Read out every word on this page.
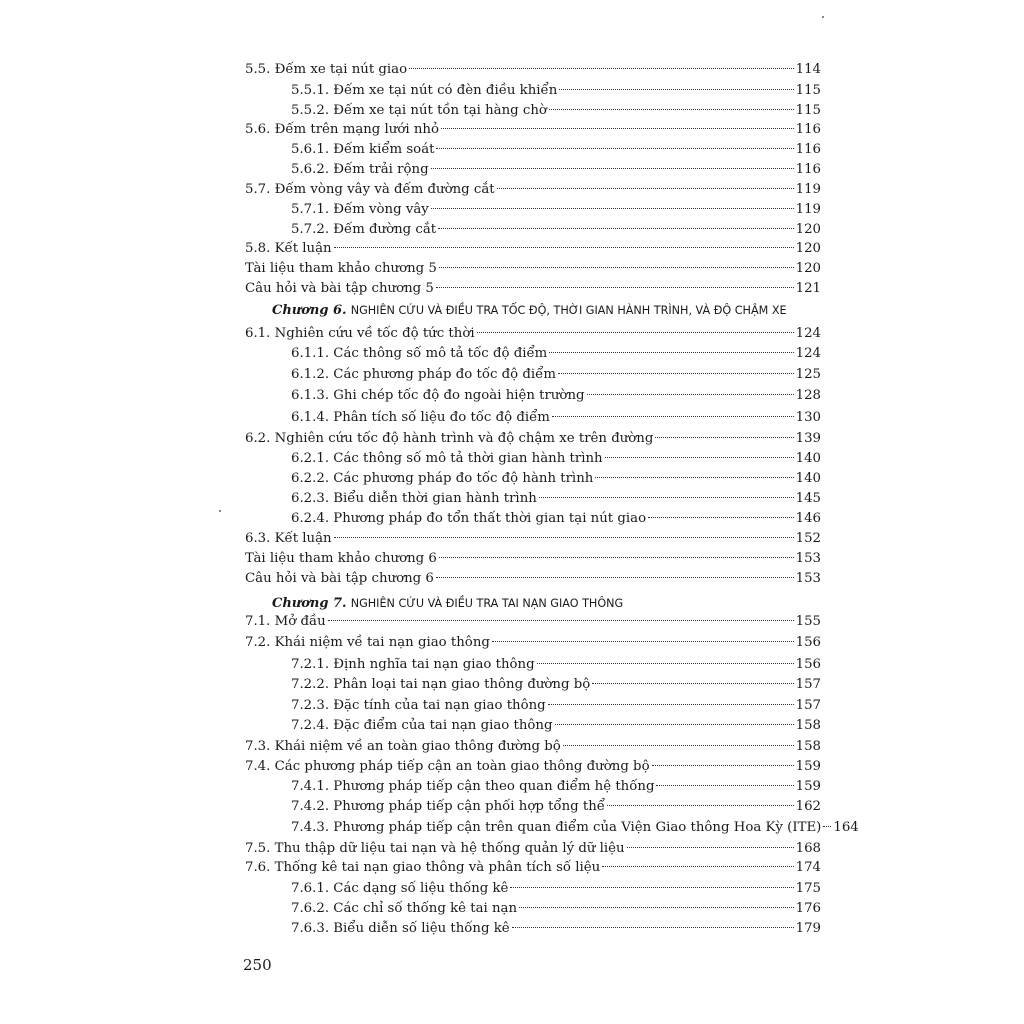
5.5. Đếm xe tại nút giao	114
5.5.1. Đếm xe tại nút có đèn điều khiển	115
5.5.2. Đếm xe tại nút tồn tại hàng chờ	115
5.6. Đếm trên mạng lưới nhỏ	116
5.6.1. Đếm kiểm soát	116
5.6.2. Đếm trải rộng	116
5.7. Đếm vòng vây và đếm đường cắt	119
5.7.1. Đếm vòng vây	119
5.7.2. Đếm đường cắt	120
5.8. Kết luận	120
Tài liệu tham khảo chương 5	120
Câu hỏi và bài tập chương 5	121
6.1. Nghiên cứu về tốc độ tức thời	124
6.1.1. Các thông số mô tả tốc độ điểm	124
6.1.2. Các phương pháp đo tốc độ điểm	125
6.1.3. Ghi chép tốc độ đo ngoài hiện trường	128
6.1.4. Phân tích số liệu đo tốc độ điểm	130
6.2. Nghiên cứu tốc độ hành trình và độ chậm xe trên đường	139
6.2.1. Các thông số mô tả thời gian hành trình	140
6.2.2. Các phương pháp đo tốc độ hành trình	140
6.2.3. Biểu diễn thời gian hành trình	145
6.2.4. Phương pháp đo tổn thất thời gian tại nút giao	146
6.3. Kết luận	152
Tài liệu tham khảo chương 6	153
Câu hỏi và bài tập chương 6	153
7.1. Mở đầu	155
7.2. Khái niệm về tai nạn giao thông	156
7.2.1. Định nghĩa tai nạn giao thông	156
7.2.2. Phân loại tai nạn giao thông đường bộ	157
7.2.3. Đặc tính của tai nạn giao thông	157
7.2.4. Đặc điểm của tai nạn giao thông	158
7.3. Khái niệm về an toàn giao thông đường bộ	158
7.4. Các phương pháp tiếp cận an toàn giao thông đường bộ	159
7.4.1. Phương pháp tiếp cận theo quan điểm hệ thống	159
7.4.2. Phương pháp tiếp cận phối hợp tổng thể	162
7.4.3. Phương pháp tiếp cận trên quan điểm của Viện Giao thông Hoa Kỳ (ITE) 164
7.5. Thu thập dữ liệu tai nạn và hệ thống quản lý dữ liệu	168
7.6. Thống kê tai nạn giao thông và phân tích số liệu	174
7.6.1. Các dạng số liệu thống kê	175
7.6.2. Các chỉ số thống kê tai nạn	176
7.6.3. Biểu diễn số liệu thống kê	179
Chương 6. NGHIÊN CỨU VÀ ĐIỀU TRA TỐC ĐỘ, THỜI GIAN HÀNH TRÌNH, VÀ ĐỘ CHẬM XE
Chương 7. NGHIÊN CỨU VÀ ĐIỀU TRA TAI NẠN GIAO THÔNG
250
